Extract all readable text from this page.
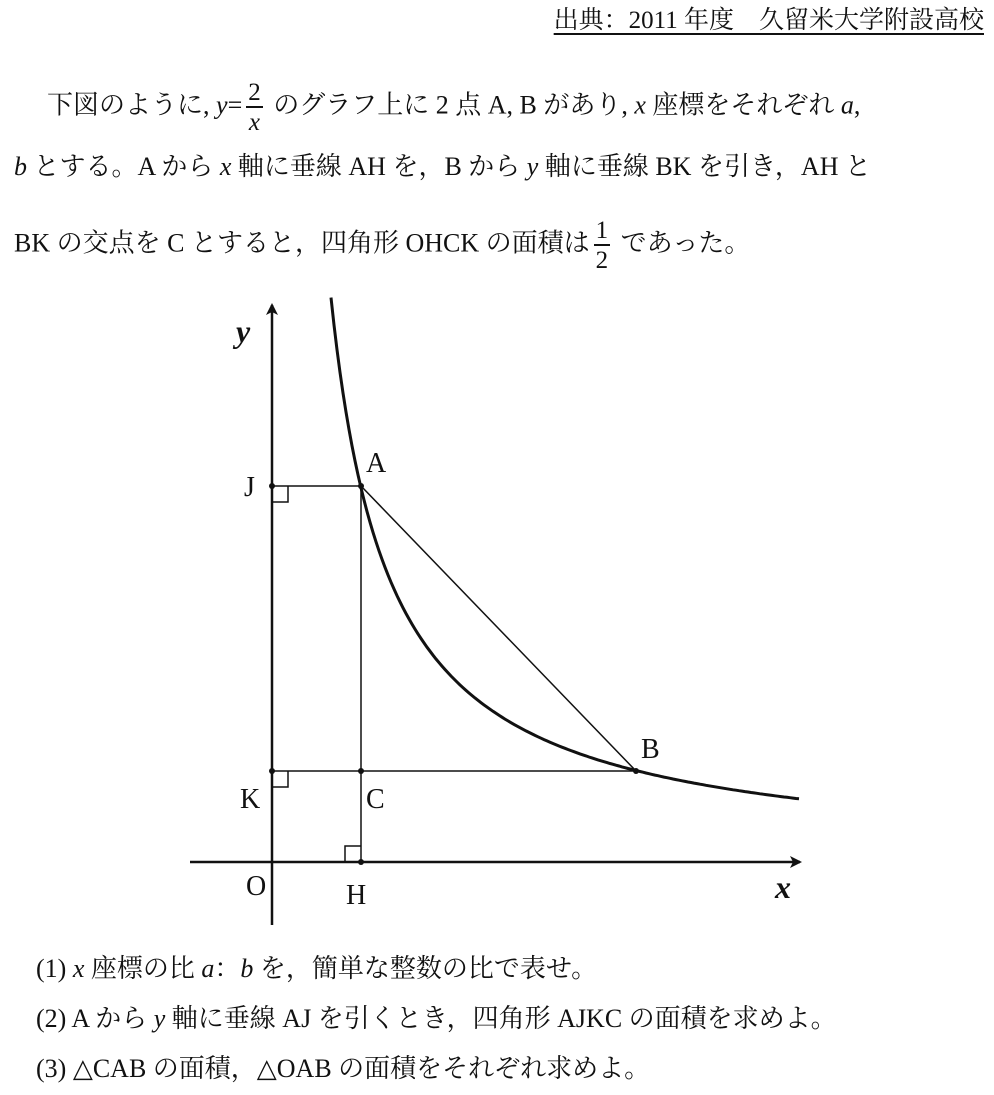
出典：2011 年度　久留米大学附設高校
下図のように, $y= \frac{2}{x}$ のグラフ上に 2 点 A, B があり, x 座標をそれぞれ a,
b とする。A から x 軸に垂線 AH を，B から y 軸に垂線 BK を引き，AH と
BK の交点を C とすると，四角形 OHCK の面積は $\frac{1}{2}$ であった。
y
x
A
J
B
K	C
O	H
(1) x 座標の比 a：b を，簡単な整数の比で表せ。
(2) A から y 軸に垂線 AJ を引くとき，四角形 AJKC の面積を求めよ。
(3) △CAB の面積，△OAB の面積をそれぞれ求めよ。
